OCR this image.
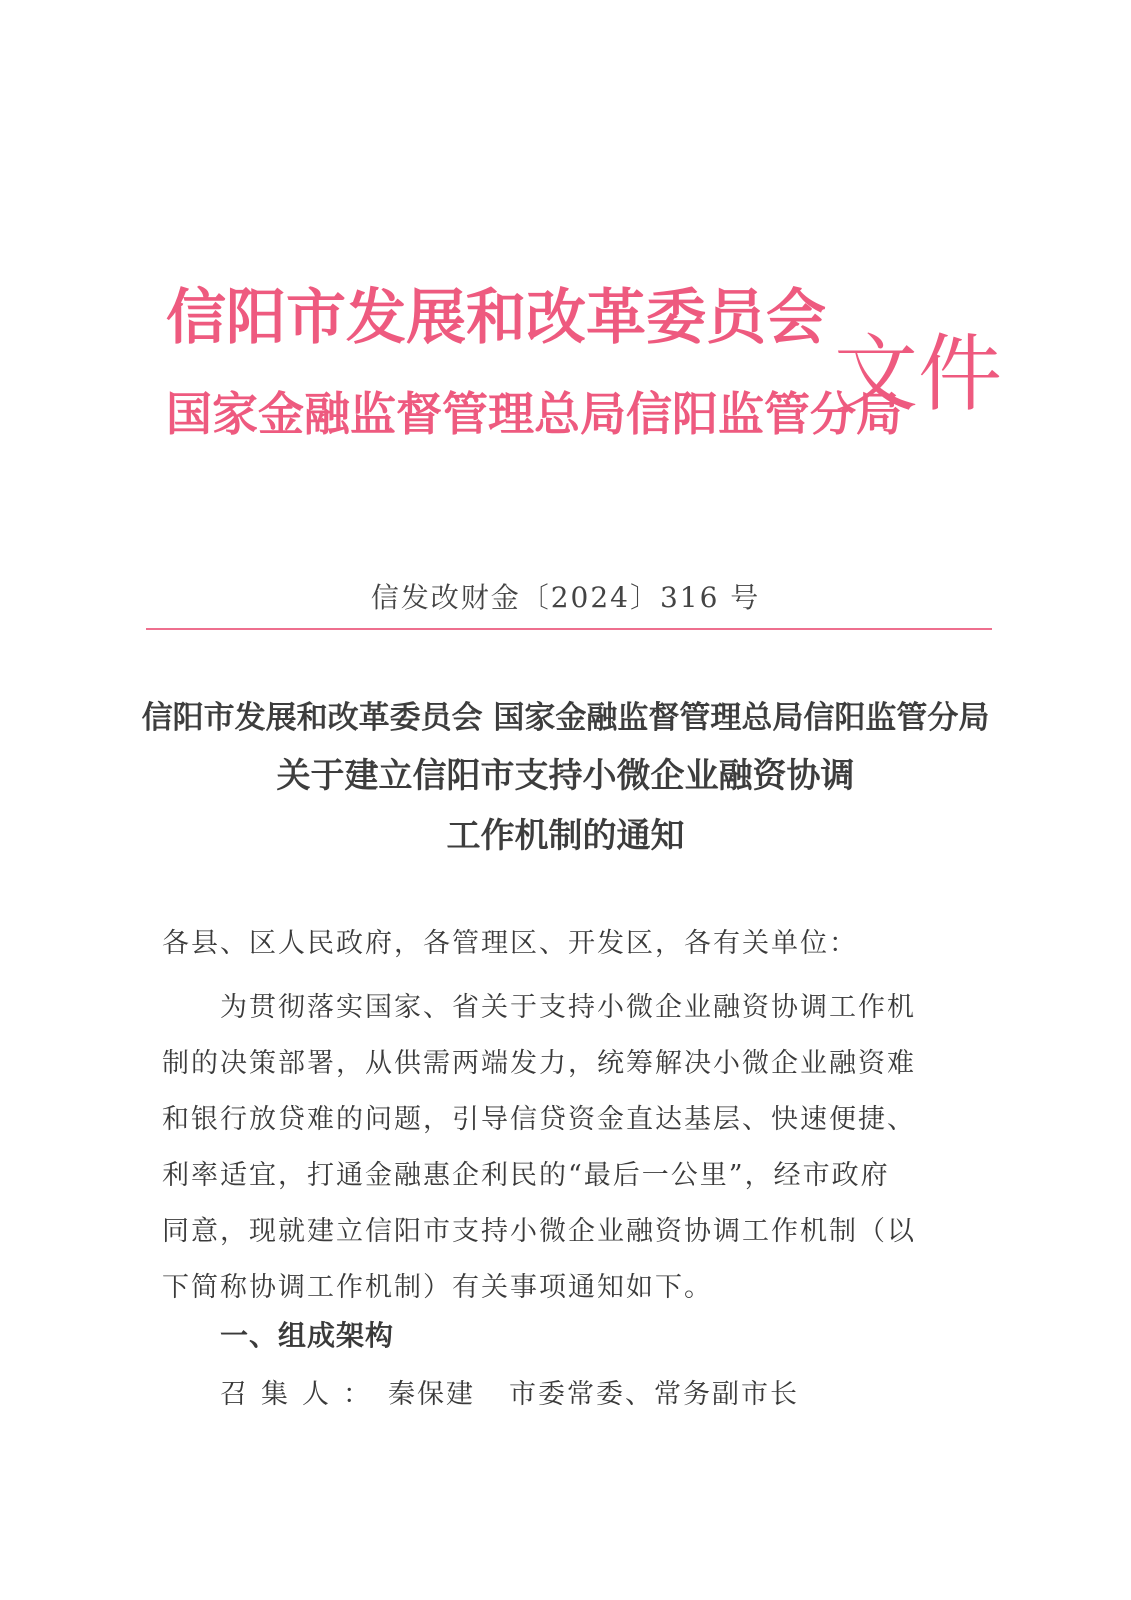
信阳市发展和改革委员会
国家金融监督管理总局信阳监管分局
文件
信发改财金〔2024〕316 号
信阳市发展和改革委员会 国家金融监督管理总局信阳监管分局
关于建立信阳市支持小微企业融资协调
工作机制的通知
各县、区人民政府，各管理区、开发区，各有关单位：
　　为贯彻落实国家、省关于支持小微企业融资协调工作机
制的决策部署，从供需两端发力，统筹解决小微企业融资难
和银行放贷难的问题，引导信贷资金直达基层、快速便捷、
利率适宜，打通金融惠企利民的“最后一公里”，经市政府
同意，现就建立信阳市支持小微企业融资协调工作机制（以
下简称协调工作机制）有关事项通知如下。
一、组成架构
召集人： 秦保建 市委常委、常务副市长
